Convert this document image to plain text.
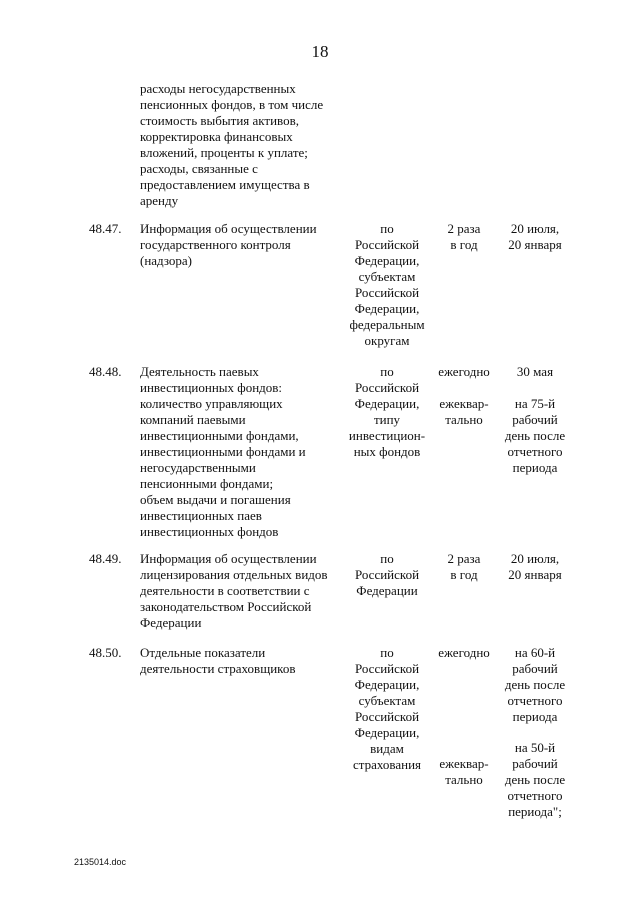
18
расходы негосударственных
пенсионных фондов, в том числе
стоимость выбытия активов,
корректировка финансовых
вложений, проценты к уплате;
расходы, связанные с
предоставлением имущества в
аренду
48.47. Информация об осуществлении
государственного контроля
(надзора)
по
Российской
Федерации,
субъектам
Российской
Федерации,
федеральным
округам
2 раза
в год
20 июля,
20 января
48.48. Деятельность паевых
инвестиционных фондов:
количество управляющих
компаний паевыми
инвестиционными фондами,
инвестиционными фондами и
негосударственными
пенсионными фондами;
объем выдачи и погашения
инвестиционных паев
инвестиционных фондов
по
Российской
Федерации,
типу
инвестицион-
ных фондов
ежегодно
ежеквар-
тально
30 мая
на 75-й
рабочий
день после
отчетного
периода
48.49. Информация об осуществлении
лицензирования отдельных видов
деятельности в соответствии с
законодательством Российской
Федерации
по
Российской
Федерации
2 раза
в год
20 июля,
20 января
48.50. Отдельные показатели
деятельности страховщиков
по
Российской
Федерации,
субъектам
Российской
Федерации,
видам
страхования
ежегодно
ежеквар-
тально
на 60-й
рабочий
день после
отчетного
периода
на 50-й
рабочий
день после
отчетного
периода";
2135014.doc
